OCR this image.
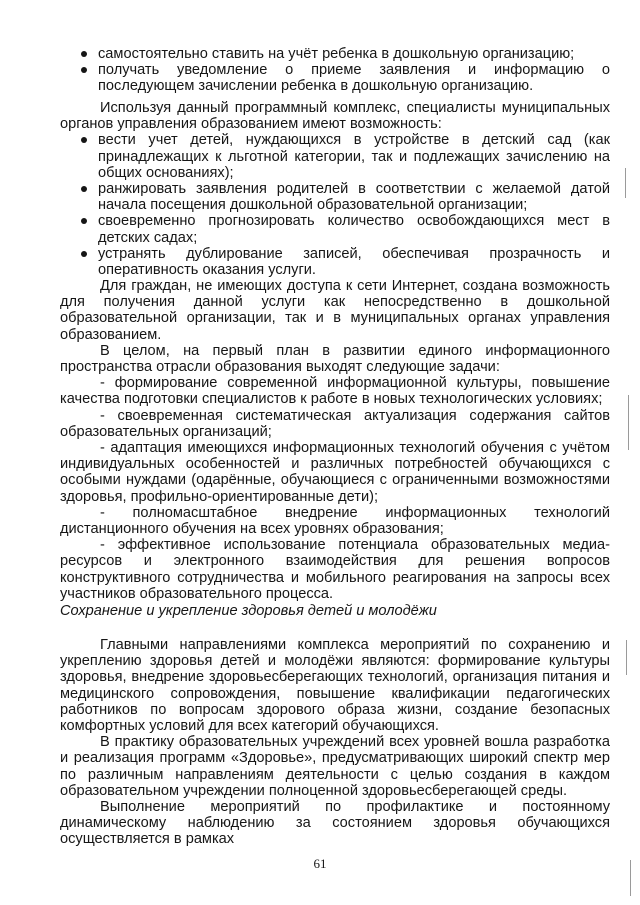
самостоятельно ставить на учёт ребенка в дошкольную организацию;
получать уведомление о приеме заявления и информацию о последующем зачислении ребенка в дошкольную организацию.

Используя данный программный комплекс, специалисты муниципальных органов управления образованием имеют возможность:

вести учет детей, нуждающихся в устройстве в детский сад (как принадлежащих к льготной категории, так и подлежащих зачислению на общих основаниях);
ранжировать заявления родителей в соответствии с желаемой датой начала посещения дошкольной образовательной организации;
своевременно прогнозировать количество освобождающихся мест в детских садах;
устранять дублирование записей, обеспечивая прозрачность и оперативность оказания услуги.

Для граждан, не имеющих доступа к сети Интернет, создана возможность для получения данной услуги как непосредственно в дошкольной образовательной организации, так и в муниципальных органах управления образованием.

В целом, на первый план в развитии единого информационного пространства отрасли образования выходят следующие задачи:

- формирование современной информационной культуры, повышение качества подготовки специалистов к работе в новых технологических условиях;

- своевременная систематическая актуализация содержания сайтов образовательных организаций;

- адаптация имеющихся информационных технологий обучения с учётом индивидуальных особенностей и различных потребностей обучающихся с особыми нуждами (одарённые, обучающиеся с ограниченными возможностями здоровья, профильно-ориентированные дети);

- полномасштабное внедрение информационных технологий дистанционного обучения на всех уровнях образования;

- эффективное использование потенциала образовательных медиа-ресурсов и электронного взаимодействия для решения вопросов конструктивного сотрудничества и мобильного реагирования на запросы всех участников образовательного процесса.

Сохранение и укрепление здоровья детей и молодёжи

Главными направлениями комплекса мероприятий по сохранению и укреплению здоровья детей и молодёжи являются: формирование культуры здоровья, внедрение здоровьесберегающих технологий, организация питания и медицинского сопровождения, повышение квалификации педагогических работников по вопросам здорового образа жизни, создание безопасных комфортных условий для всех категорий обучающихся.

В практику образовательных учреждений всех уровней вошла разработка и реализация программ «Здоровье», предусматривающих широкий спектр мер по различным направлениям деятельности с целью создания в каждом образовательном учреждении полноценной здоровьесберегающей среды.

Выполнение мероприятий по профилактике и постоянному динамическому наблюдению за состоянием здоровья обучающихся осуществляется в рамках

61
